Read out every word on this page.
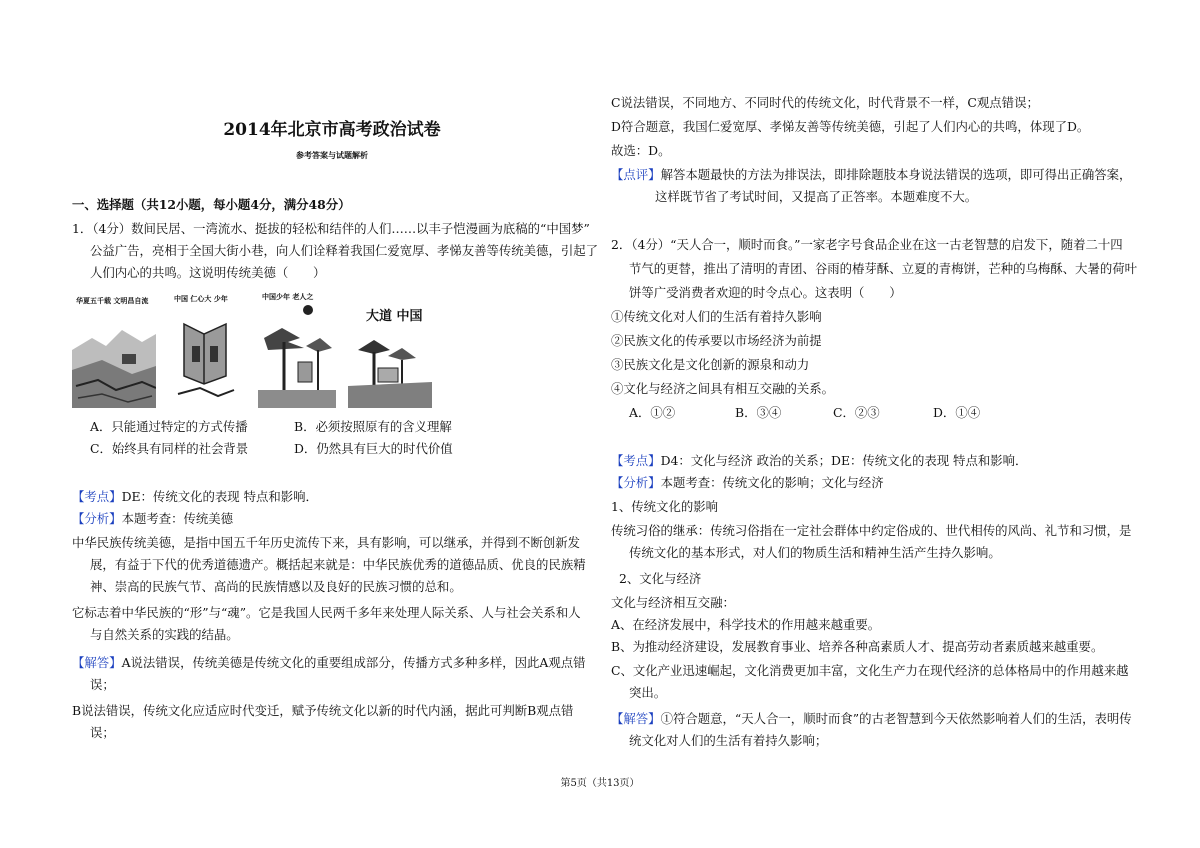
2014年北京市高考政治试卷
参考答案与试题解析
一、选择题（共12小题，每小题4分，满分48分）
1．（4分）数间民居、一湾流水、挺拔的轻松和结伴的人们……以丰子恺漫画为底稿的“中国梦”
公益广告，亮相于全国大街小巷，向人们诠释着我国仁爱宽厚、孝悌友善等传统美德，引起了
人们内心的共鸣。这说明传统美德（　　）
华夏五千载 文明昌自流	中国 仁心大 少年	中国少年 老人之
大道 中国
A．只能通过特定的方式传播	B．必须按照原有的含义理解
C．始终具有同样的社会背景	D．仍然具有巨大的时代价值
【考点】DE：传统文化的表现 特点和影响．
【分析】本题考查：传统美德
中华民族传统美德，是指中国五千年历史流传下来，具有影响，可以继承，并得到不断创新发
展，有益于下代的优秀道德遗产。概括起来就是：中华民族优秀的道德品质、优良的民族精
神、崇高的民族气节、高尚的民族情感以及良好的民族习惯的总和。
它标志着中华民族的“形”与“魂”。它是我国人民两千多年来处理人际关系、人与社会关系和人
与自然关系的实践的结晶。
【解答】A说法错误，传统美德是传统文化的重要组成部分，传播方式多种多样，因此A观点错
误；
B说法错误，传统文化应适应时代变迁，赋予传统文化以新的时代内涵，据此可判断B观点错
误；
C说法错误，不同地方、不同时代的传统文化，时代背景不一样，C观点错误；
D符合题意，我国仁爱宽厚、孝悌友善等传统美德，引起了人们内心的共鸣，体现了D。
故选：D。
【点评】解答本题最快的方法为排误法，即排除题肢本身说法错误的选项，即可得出正确答案，
这样既节省了考试时间，又提高了正答率。本题难度不大。
2．（4分）“天人合一，顺时而食。”一家老字号食品企业在这一古老智慧的启发下，随着二十四
节气的更替，推出了清明的青团、谷雨的椿芽酥、立夏的青梅饼，芒种的乌梅酥、大暑的荷叶
饼等广受消费者欢迎的时令点心。这表明（　　）
①传统文化对人们的生活有着持久影响
②民族文化的传承要以市场经济为前提
③民族文化是文化创新的源泉和动力
④文化与经济之间具有相互交融的关系。
A．①②	B．③④	C．②③	D．①④
【考点】D4：文化与经济 政治的关系；DE：传统文化的表现 特点和影响．
【分析】本题考查：传统文化的影响；文化与经济
1、传统文化的影响
传统习俗的继承：传统习俗指在一定社会群体中约定俗成的、世代相传的风尚、礼节和习惯，是
传统文化的基本形式，对人们的物质生活和精神生活产生持久影响。
2、文化与经济
文化与经济相互交融：
A、在经济发展中，科学技术的作用越来越重要。
B、为推动经济建设，发展教育事业、培养各种高素质人才、提高劳动者素质越来越重要。
C、文化产业迅速崛起，文化消费更加丰富，文化生产力在现代经济的总体格局中的作用越来越
突出。
【解答】①符合题意，“天人合一，顺时而食”的古老智慧到今天依然影响着人们的生活，表明传
统文化对人们的生活有着持久影响；
第5页（共13页）
